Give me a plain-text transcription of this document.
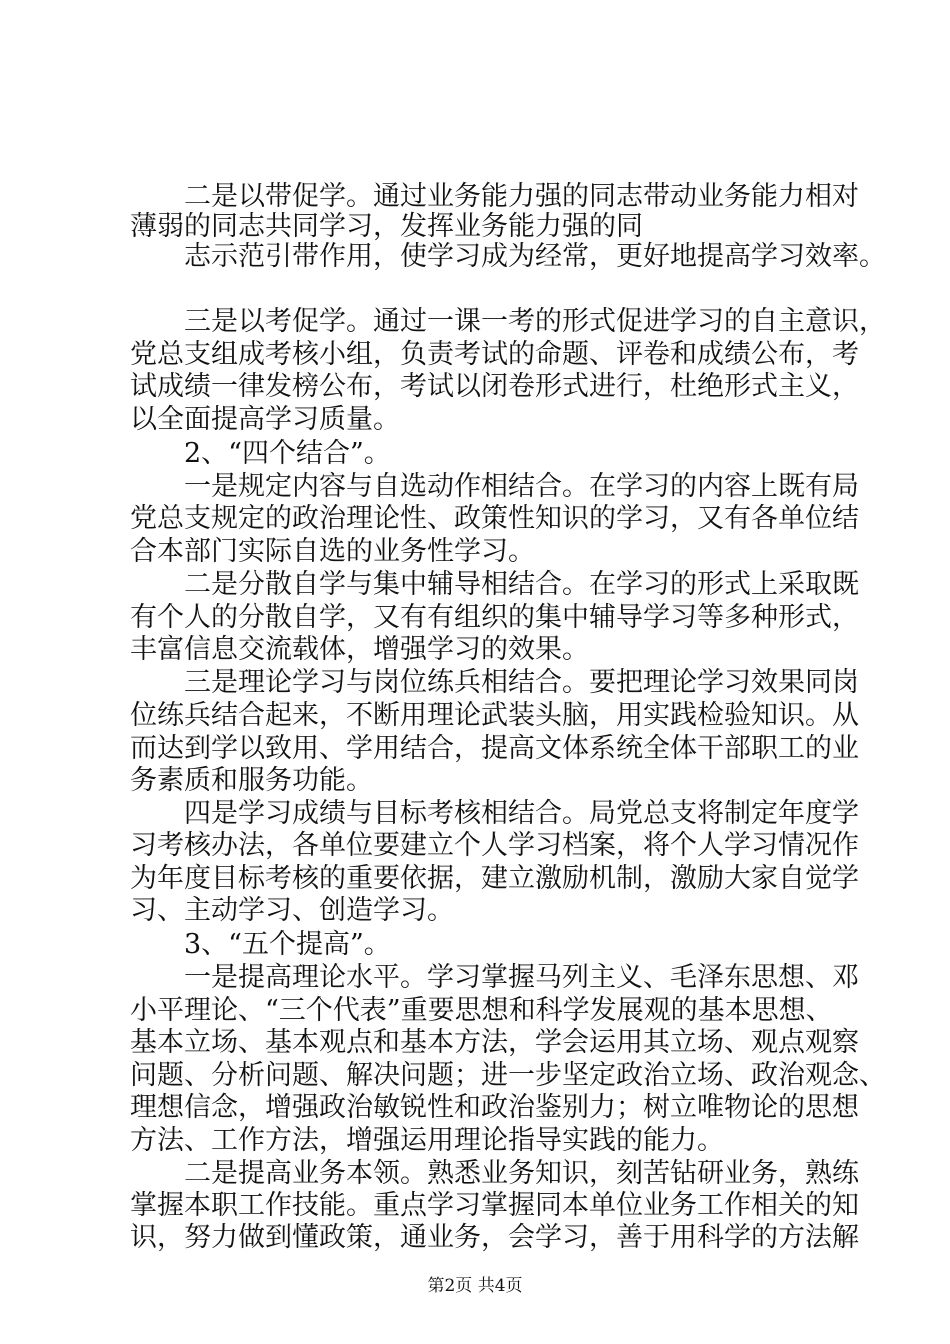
　　二是以带促学。通过业务能力强的同志带动业务能力相对
薄弱的同志共同学习，发挥业务能力强的同
　　志示范引带作用，使学习成为经常，更好地提高学习效率。
　　三是以考促学。通过一课一考的形式促进学习的自主意识，
党总支组成考核小组，负责考试的命题、评卷和成绩公布，考
试成绩一律发榜公布，考试以闭卷形式进行，杜绝形式主义，
以全面提高学习质量。
　　2、“四个结合”。
　　一是规定内容与自选动作相结合。在学习的内容上既有局
党总支规定的政治理论性、政策性知识的学习，又有各单位结
合本部门实际自选的业务性学习。
　　二是分散自学与集中辅导相结合。在学习的形式上采取既
有个人的分散自学，又有有组织的集中辅导学习等多种形式，
丰富信息交流载体，增强学习的效果。
　　三是理论学习与岗位练兵相结合。要把理论学习效果同岗
位练兵结合起来，不断用理论武装头脑，用实践检验知识。从
而达到学以致用、学用结合，提高文体系统全体干部职工的业
务素质和服务功能。
　　四是学习成绩与目标考核相结合。局党总支将制定年度学
习考核办法，各单位要建立个人学习档案，将个人学习情况作
为年度目标考核的重要依据，建立激励机制，激励大家自觉学
习、主动学习、创造学习。
　　3、“五个提高”。
　　一是提高理论水平。学习掌握马列主义、毛泽东思想、邓
小平理论、“三个代表”重要思想和科学发展观的基本思想、
基本立场、基本观点和基本方法，学会运用其立场、观点观察
问题、分析问题、解决问题；进一步坚定政治立场、政治观念、
理想信念，增强政治敏锐性和政治鉴别力；树立唯物论的思想
方法、工作方法，增强运用理论指导实践的能力。
　　二是提高业务本领。熟悉业务知识，刻苦钻研业务，熟练
掌握本职工作技能。重点学习掌握同本单位业务工作相关的知
识，努力做到懂政策，通业务，会学习，善于用科学的方法解
第2页 共4页
